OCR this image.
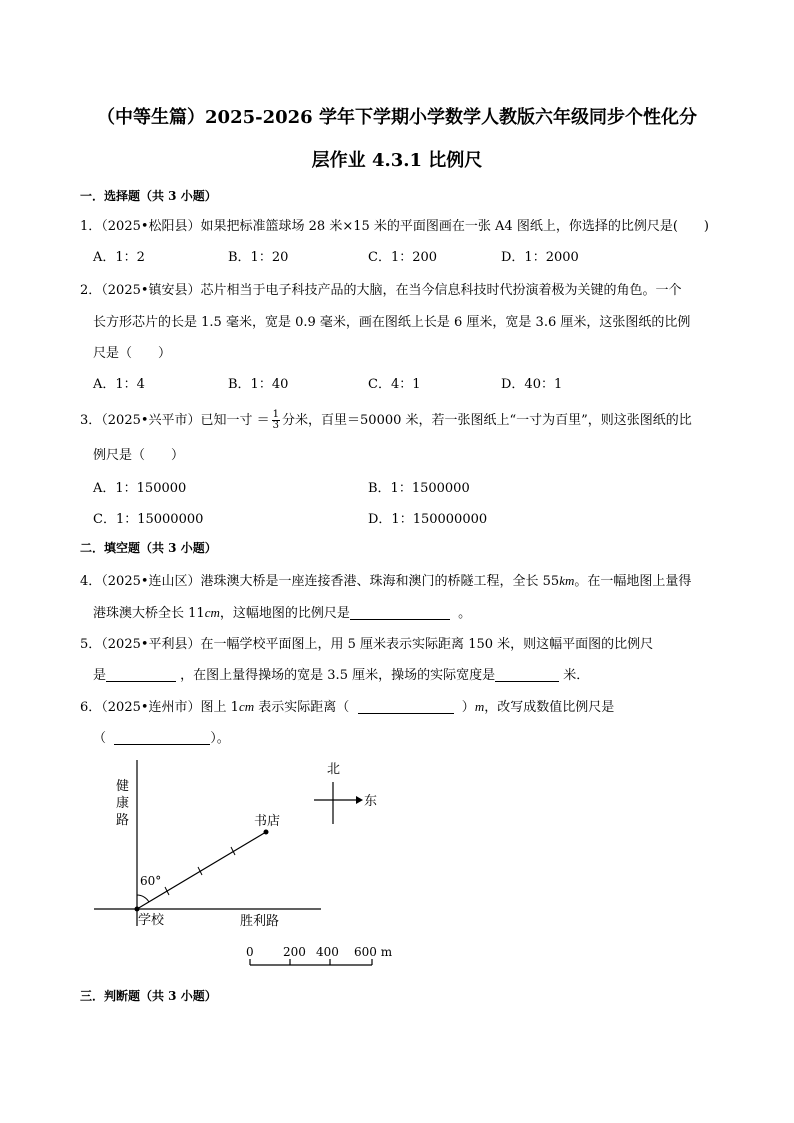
（中等生篇）2025-2026 学年下学期小学数学人教版六年级同步个性化分
层作业 4.3.1 比例尺
一．选择题（共 3 小题）
1．（2025•松阳县）如果把标准篮球场 28 米×15 米的平面图画在一张 A4 图纸上，你选择的比例尺是(　　)
A．1：2	B．1：20	C．1：200	D．1：2000
2．（2025•镇安县）芯片相当于电子科技产品的大脑，在当今信息科技时代扮演着极为关键的角色。一个
长方形芯片的长是 1.5 毫米，宽是 0.9 毫米，画在图纸上长是 6 厘米，宽是 3.6 厘米，这张图纸的比例
尺是（　　）
A．1：4	B．1：40	C．4：1	D．40：1
3．（2025•兴平市）已知一寸 ＝ $\frac{1}{3}$ 分米，百里＝50000 米，若一张图纸上“一寸为百里”，则这张图纸的比
例尺是（　　）
A．1：150000	B．1：1500000
C．1：15000000	D．1：150000000
二．填空题（共 3 小题）
4．（2025•连山区）港珠澳大桥是一座连接香港、珠海和澳门的桥隧工程，全长 55km。在一幅地图上量得
港珠澳大桥全长 11cm，这幅地图的比例尺是	。
5．（2025•平利县）在一幅学校平面图上，用 5 厘米表示实际距离 150 米，则这幅平面图的比例尺
是	，在图上量得操场的宽是 3.5 厘米，操场的实际宽度是	米．
6．（2025•连州市）图上 1cm 表示实际距离（	）m，改写成数值比例尺是
（	）。
健
康
路
60°
学校
书店
胜利路
北
东
0 200 400 600 m
三．判断题（共 3 小题）
